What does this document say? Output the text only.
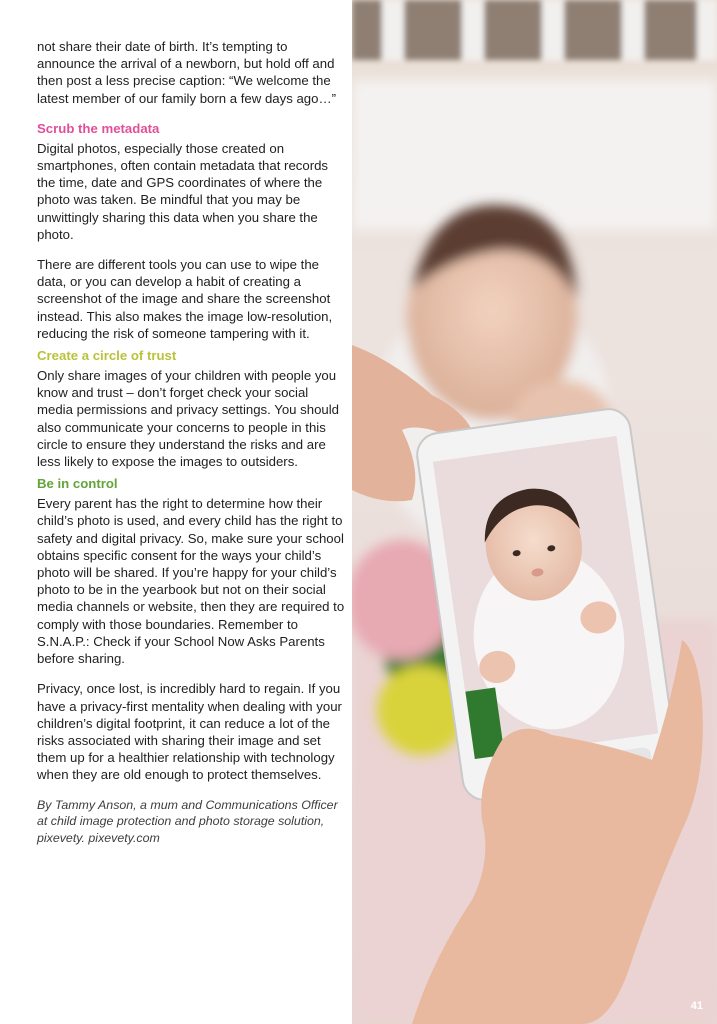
not share their date of birth. It’s tempting to announce the arrival of a newborn, but hold off and then post a less precise caption: “We welcome the latest member of our family born a few days ago…”

Scrub the metadata

Digital photos, especially those created on smartphones, often contain metadata that records the time, date and GPS coordinates of where the photo was taken. Be mindful that you may be unwittingly sharing this data when you share the photo.

There are different tools you can use to wipe the data, or you can develop a habit of creating a screenshot of the image and share the screenshot instead. This also makes the image low-resolution, reducing the risk of someone tampering with it.

Create a circle of trust

Only share images of your children with people you know and trust – don’t forget check your social media permissions and privacy settings. You should also communicate your concerns to people in this circle to ensure they understand the risks and are less likely to expose the images to outsiders.

Be in control

Every parent has the right to determine how their child’s photo is used, and every child has the right to safety and digital privacy. So, make sure your school obtains specific consent for the ways your child’s photo will be shared. If you’re happy for your child’s photo to be in the yearbook but not on their social media channels or website, then they are required to comply with those boundaries. Remember to S.N.A.P.: Check if your School Now Asks Parents before sharing.

Privacy, once lost, is incredibly hard to regain. If you have a privacy-first mentality when dealing with your children’s digital footprint, it can reduce a lot of the risks associated with sharing their image and set them up for a healthier relationship with technology when they are old enough to protect themselves.

By Tammy Anson, a mum and Communications Officer at child image protection and photo storage solution, pixevety. pixevety.com

41
